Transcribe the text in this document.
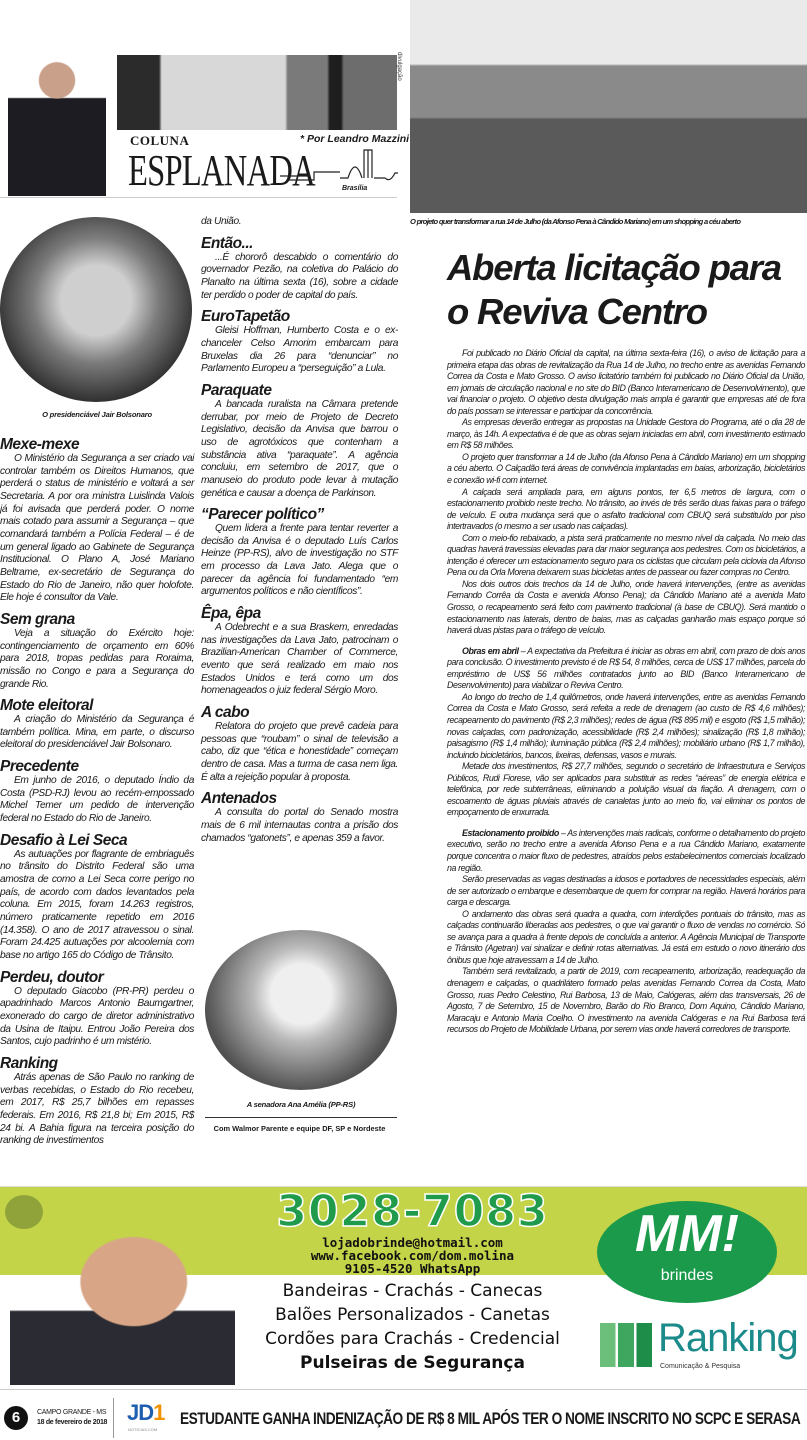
COLUNA
ESPLANADA
* Por Leandro Mazzini
Brasília
divulgação
O projeto quer transformar a rua 14 de Julho (da Afonso Pena à Cândido Mariano) em um shopping a céu aberto
O presidenciável Jair Bolsonaro
Mexe-mexe

O Ministério da Segurança a ser criado vai controlar também os Direitos Humanos, que perderá o status de ministério e voltará a ser Secretaria. A por ora ministra Luislinda Valois já foi avisada que perderá poder. O nome mais cotado para assumir a Segurança – que comandará também a Polícia Federal – é de um general ligado ao Gabinete de Segurança Institucional. O Plano A, José Mariano Beltrame, ex-secretário de Segurança do Estado do Rio de Janeiro, não quer holofote. Ele hoje é consultor da Vale.

Sem grana

Veja a situação do Exército hoje: contingenciamento de orçamento em 60% para 2018, tropas pedidas para Roraima, missão no Congo e para a Segurança do grande Rio.

Mote eleitoral

A criação do Ministério da Segurança é também política. Mina, em parte, o discurso eleitoral do presidenciável Jair Bolsonaro.

Precedente

Em junho de 2016, o deputado Índio da Costa (PSD-RJ) levou ao recém-empossado Michel Temer um pedido de intervenção federal no Estado do Rio de Janeiro.

Desafio à Lei Seca

As autuações por flagrante de embriaguês no trânsito do Distrito Federal são uma amostra de como a Lei Seca corre perigo no país, de acordo com dados levantados pela coluna. Em 2015, foram 14.263 registros, número praticamente repetido em 2016 (14.358). O ano de 2017 atravessou o sinal. Foram 24.425 autuações por alcoolemia com base no artigo 165 do Código de Trânsito.

Perdeu, doutor

O deputado Giacobo (PR-PR) perdeu o apadrinhado Marcos Antonio Baumgartner, exonerado do cargo de diretor administrativo da Usina de Itaipu. Entrou João Pereira dos Santos, cujo padrinho é um mistério.

Ranking

Atrás apenas de São Paulo no ranking de verbas recebidas, o Estado do Rio recebeu, em 2017, R$ 25,7 bilhões em repasses federais. Em 2016, R$ 21,8 bi; Em 2015, R$ 24 bi. A Bahia figura na terceira posição do ranking de investimentos

da União.

Então...

...É chororô descabido o comentário do governador Pezão, na coletiva do Palácio do Planalto na última sexta (16), sobre a cidade ter perdido o poder de capital do país.

EuroTapetão

Gleisi Hoffman, Humberto Costa e o ex-chanceler Celso Amorim embarcam para Bruxelas dia 26 para “denunciar” no Parlamento Europeu a “perseguição” a Lula.

Paraquate

A bancada ruralista na Câmara pretende derrubar, por meio de Projeto de Decreto Legislativo, decisão da Anvisa que barrou o uso de agrotóxicos que contenham a substância ativa “paraquate”. A agência concluiu, em setembro de 2017, que o manuseio do produto pode levar à mutação genética e causar a doença de Parkinson.

“Parecer político”

Quem lidera a frente para tentar reverter a decisão da Anvisa é o deputado Luís Carlos Heinze (PP-RS), alvo de investigação no STF em processo da Lava Jato. Alega que o parecer da agência foi fundamentado “em argumentos políticos e não científicos”.

Êpa, êpa

A Odebrecht e a sua Braskem, enredadas nas investigações da Lava Jato, patrocinam o Brazilian-American Chamber of Commerce, evento que será realizado em maio nos Estados Unidos e terá como um dos homenageados o juiz federal Sérgio Moro.

A cabo

Relatora do projeto que prevê cadeia para pessoas que “roubam” o sinal de televisão a cabo, diz que “ética e honestidade” começam dentro de casa. Mas a turma de casa nem liga. É alta a rejeição popular à proposta.

Antenados

A consulta do portal do Senado mostra mais de 6 mil internautas contra a prisão dos chamados “gatonets”, e apenas 359 a favor.

A senadora Ana Amélia (PP-RS)
Com Walmor Parente e equipe DF, SP e Nordeste
Aberta licitação para
o Reviva Centro

Foi publicado no Diário Oficial da capital, na última sexta-feira (16), o aviso de licitação para a primeira etapa das obras de revitalização da Rua 14 de Julho, no trecho entre as avenidas Fernando Correa da Costa e Mato Grosso. O aviso licitatório também foi publicado no Diário Oficial da União, em jornais de circulação nacional e no site do BID (Banco Interamericano de Desenvolvimento), que vai financiar o projeto. O objetivo desta divulgação mais ampla é garantir que empresas até de fora do país possam se interessar e participar da concorrência.

As empresas deverão entregar as propostas na Unidade Gestora do Programa, até o dia 28 de março, às 14h. A expectativa é de que as obras sejam iniciadas em abril, com investimento estimado em R$ 58 milhões.

O projeto quer transformar a 14 de Julho (da Afonso Pena à Cândido Mariano) em um shopping a céu aberto. O Calçadão terá áreas de convivência implantadas em baias, arborização, bicicletários e conexão wi-fi com internet.

A calçada será ampliada para, em alguns pontos, ter 6,5 metros de largura, com o estacionamento proibido neste trecho. No trânsito, ao invés de três serão duas faixas para o tráfego de veículo. E outra mudança será que o asfalto tradicional com CBUQ será substituído por piso intertravados (o mesmo a ser usado nas calçadas).

Com o meio-fio rebaixado, a pista será praticamente no mesmo nível da calçada. No meio das quadras haverá travessias elevadas para dar maior segurança aos pedestres. Com os bicicletários, a intenção é oferecer um estacionamento seguro para os ciclistas que circulam pela ciclovia da Afonso Pena ou da Orla Morena deixarem suas bicicletas antes de passear ou fazer compras no Centro.

Nos dois outros dois trechos da 14 de Julho, onde haverá intervenções, (entre as avenidas Fernando Corrêa da Costa e avenida Afonso Pena); da Cândido Mariano até a avenida Mato Grosso, o recapeamento será feito com pavimento tradicional (à base de CBUQ). Será mantido o estacionamento nas laterais, dentro de baias, mas as calçadas ganharão mais espaço porque só haverá duas pistas para o tráfego de veículo.

Obras em abril – A expectativa da Prefeitura é iniciar as obras em abril, com prazo de dois anos para conclusão. O investimento previsto é de R$ 54, 8 milhões, cerca de US$ 17 milhões, parcela do empréstimo de US$ 56 milhões contratados junto ao BID (Banco Interamericano de Desenvolvimento) para viabilizar o Reviva Centro.

Ao longo do trecho de 1,4 quilômetros, onde haverá intervenções, entre as avenidas Fernando Correa da Costa e Mato Grosso, será refeita a rede de drenagem (ao custo de R$ 4,6 milhões); recapeamento do pavimento (R$ 2,3 milhões); redes de água (R$ 895 mil) e esgoto (R$ 1,5 milhão); novas calçadas, com padronização, acessibilidade (R$ 2,4 milhões); sinalização (R$ 1,8 milhão); paisagismo (R$ 1,4 milhão); iluminação pública (R$ 2,4 milhões); mobiliário urbano (R$ 1,7 milhão), incluindo bicicletários, bancos, lixeiras, defensas, vasos e murais.

Metade dos investimentos, R$ 27,7 milhões, segundo o secretário de Infraestrutura e Serviços Públicos, Rudi Fiorese, vão ser aplicados para substituir as redes “aéreas” de energia elétrica e telefônica, por rede subterrâneas, eliminando a poluição visual da fiação. A drenagem, com o escoamento de águas pluviais através de canaletas junto ao meio fio, vai eliminar os pontos de empoçamento de enxurrada.

Estacionamento proibido – As intervenções mais radicais, conforme o detalhamento do projeto executivo, serão no trecho entre a avenida Afonso Pena e a rua Cândido Mariano, exatamente porque concentra o maior fluxo de pedestres, atraídos pelos estabelecimentos comerciais localizado na região.

Serão preservadas as vagas destinadas a idosos e portadores de necessidades especiais, além de ser autorizado o embarque e desembarque de quem for comprar na região. Haverá horários para carga e descarga.

O andamento das obras será quadra a quadra, com interdições pontuais do trânsito, mas as calçadas continuarão liberadas aos pedestres, o que vai garantir o fluxo de vendas no comércio. Só se avança para a quadra à frente depois de concluída a anterior. A Agência Municipal de Transporte e Trânsito (Agetran) vai sinalizar e definir rotas alternativas. Já está em estudo o novo itinerário dos ônibus que hoje atravessam a 14 de Julho.

Também será revitalizado, a partir de 2019, com recapeamento, arborização, readequação da drenagem e calçadas, o quadrilátero formado pelas avenidas Fernando Correa da Costa, Mato Grosso, ruas Pedro Celestino, Rui Barbosa, 13 de Maio, Calógeras, além das transversais, 26 de Agosto, 7 de Setembro, 15 de Novembro, Barão do Rio Branco, Dom Aquino, Cândido Mariano, Maracaju e Antonio Maria Coelho. O investimento na avenida Calógeras e na Rui Barbosa terá recursos do Projeto de Mobilidade Urbana, por serem vias onde haverá corredores de transporte.

3028-7083
lojadobrinde@hotmail.com
www.facebook.com/dom.molina
9105-4520 WhatsApp
Bandeiras - Crachás - Canecas
Balões Personalizados - Canetas
Cordões para Crachás - Credencial
Pulseiras de Segurança
MM!
brindes
Ranking
Comunicação & Pesquisa
6	CAMPO GRANDE - MS
18 de fevereiro de 2018 JD1
NOTICIAS.COM
ESTUDANTE GANHA INDENIZAÇÃO DE R$ 8 MIL APÓS TER O NOME INSCRITO NO SCPC E SERASA
